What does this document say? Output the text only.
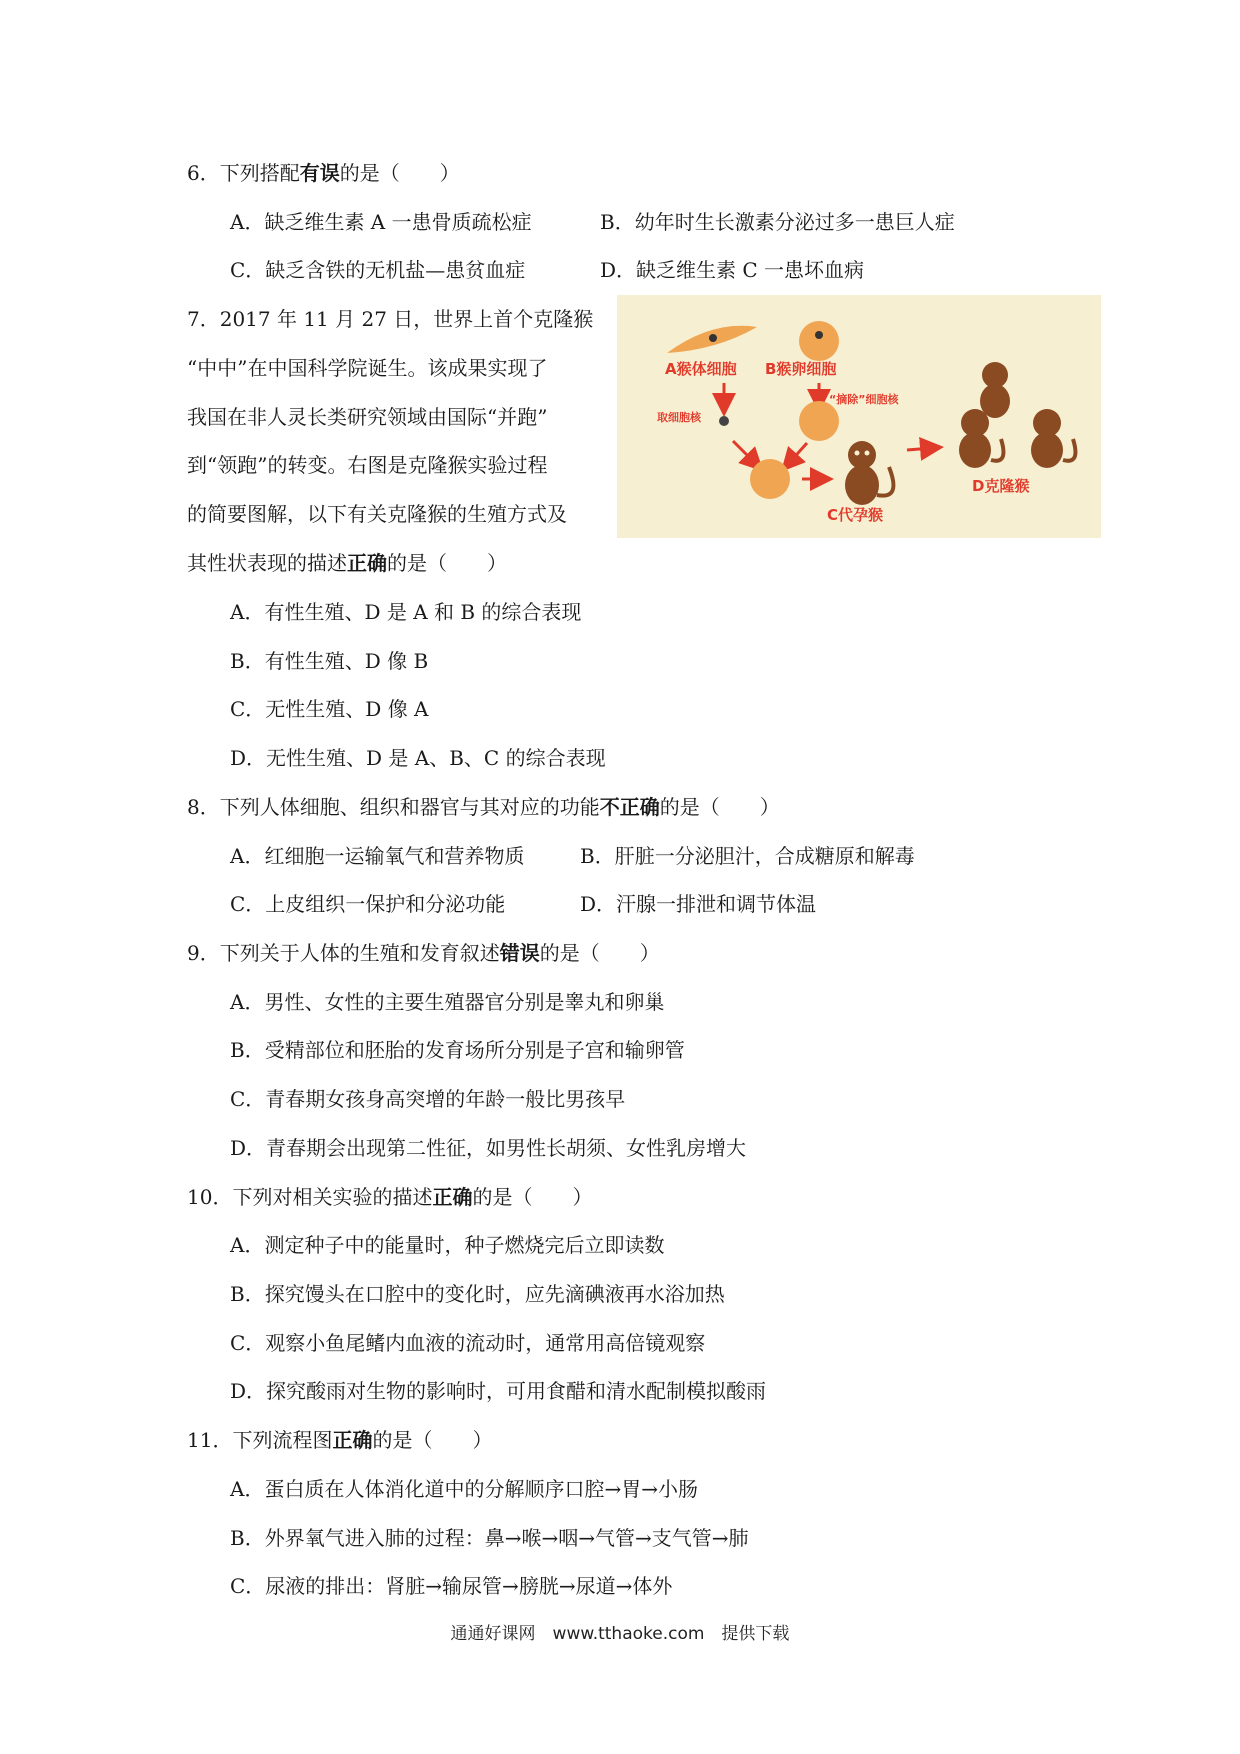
6．下列搭配有误的是（　　）
A．缺乏维生素 A 一患骨质疏松症	B．幼年时生长激素分泌过多一患巨人症
C．缺乏含铁的无机盐—患贫血症	D．缺乏维生素 C 一患坏血病
7．2017 年 11 月 27 日，世界上首个克隆猴
“中中”在中国科学院诞生。该成果实现了
我国在非人灵长类研究领域由国际“并跑”
到“领跑”的转变。右图是克隆猴实验过程
的简要图解，以下有关克隆猴的生殖方式及
其性状表现的描述正确的是（　　）
A猴体细胞 B猴卵细胞
取细胞核
“摘除”细胞核
C代孕猴
D克隆猴
A．有性生殖、D 是 A 和 B 的综合表现
B．有性生殖、D 像 B
C．无性生殖、D 像 A
D．无性生殖、D 是 A、B、C 的综合表现
8．下列人体细胞、组织和器官与其对应的功能不正确的是（　　）
A．红细胞一运输氧气和营养物质	B．肝脏一分泌胆汁，合成糖原和解毒
C．上皮组织一保护和分泌功能	D．汗腺一排泄和调节体温
9．下列关于人体的生殖和发育叙述错误的是（　　）
A．男性、女性的主要生殖器官分别是睾丸和卵巢
B．受精部位和胚胎的发育场所分别是子宫和输卵管
C．青春期女孩身高突增的年龄一般比男孩早
D．青春期会出现第二性征，如男性长胡须、女性乳房增大
10．下列对相关实验的描述正确的是（　　）
A．测定种子中的能量时，种子燃烧完后立即读数
B．探究馒头在口腔中的变化时，应先滴碘液再水浴加热
C．观察小鱼尾鳍内血液的流动时，通常用高倍镜观察
D．探究酸雨对生物的影响时，可用食醋和清水配制模拟酸雨
11．下列流程图正确的是（　　）
A．蛋白质在人体消化道中的分解顺序口腔→胃→小肠
B．外界氧气进入肺的过程：鼻→喉→咽→气管→支气管→肺
C．尿液的排出：肾脏→输尿管→膀胱→尿道→体外
通通好课网　www.tthaoke.com　提供下载
